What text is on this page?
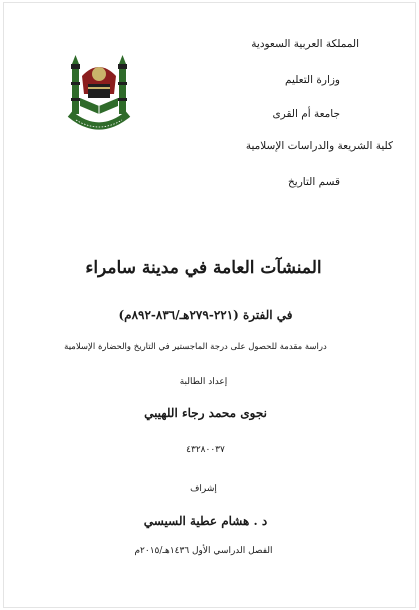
المملكة العربية السعودية
وزارة التعليم
جامعة أم القرى
كلية الشريعة والدراسات الإسلامية
قسم التاريخ
المنشآت العامة في مدينة سامراء
في الفترة (٢٢١-٢٧٩هـ/٨٣٦-٨٩٢م)
دراسة مقدمة للحصول على درجة الماجستير في التاريخ والحضارة الإسلامية
إعداد الطالبة
نجوى محمد رجاء اللهيبي
٤٣٢٨٠٠٣٧
إشراف
د . هشام عطية السيسي
الفصل الدراسي الأول ١٤٣٦هـ/٢٠١٥م
